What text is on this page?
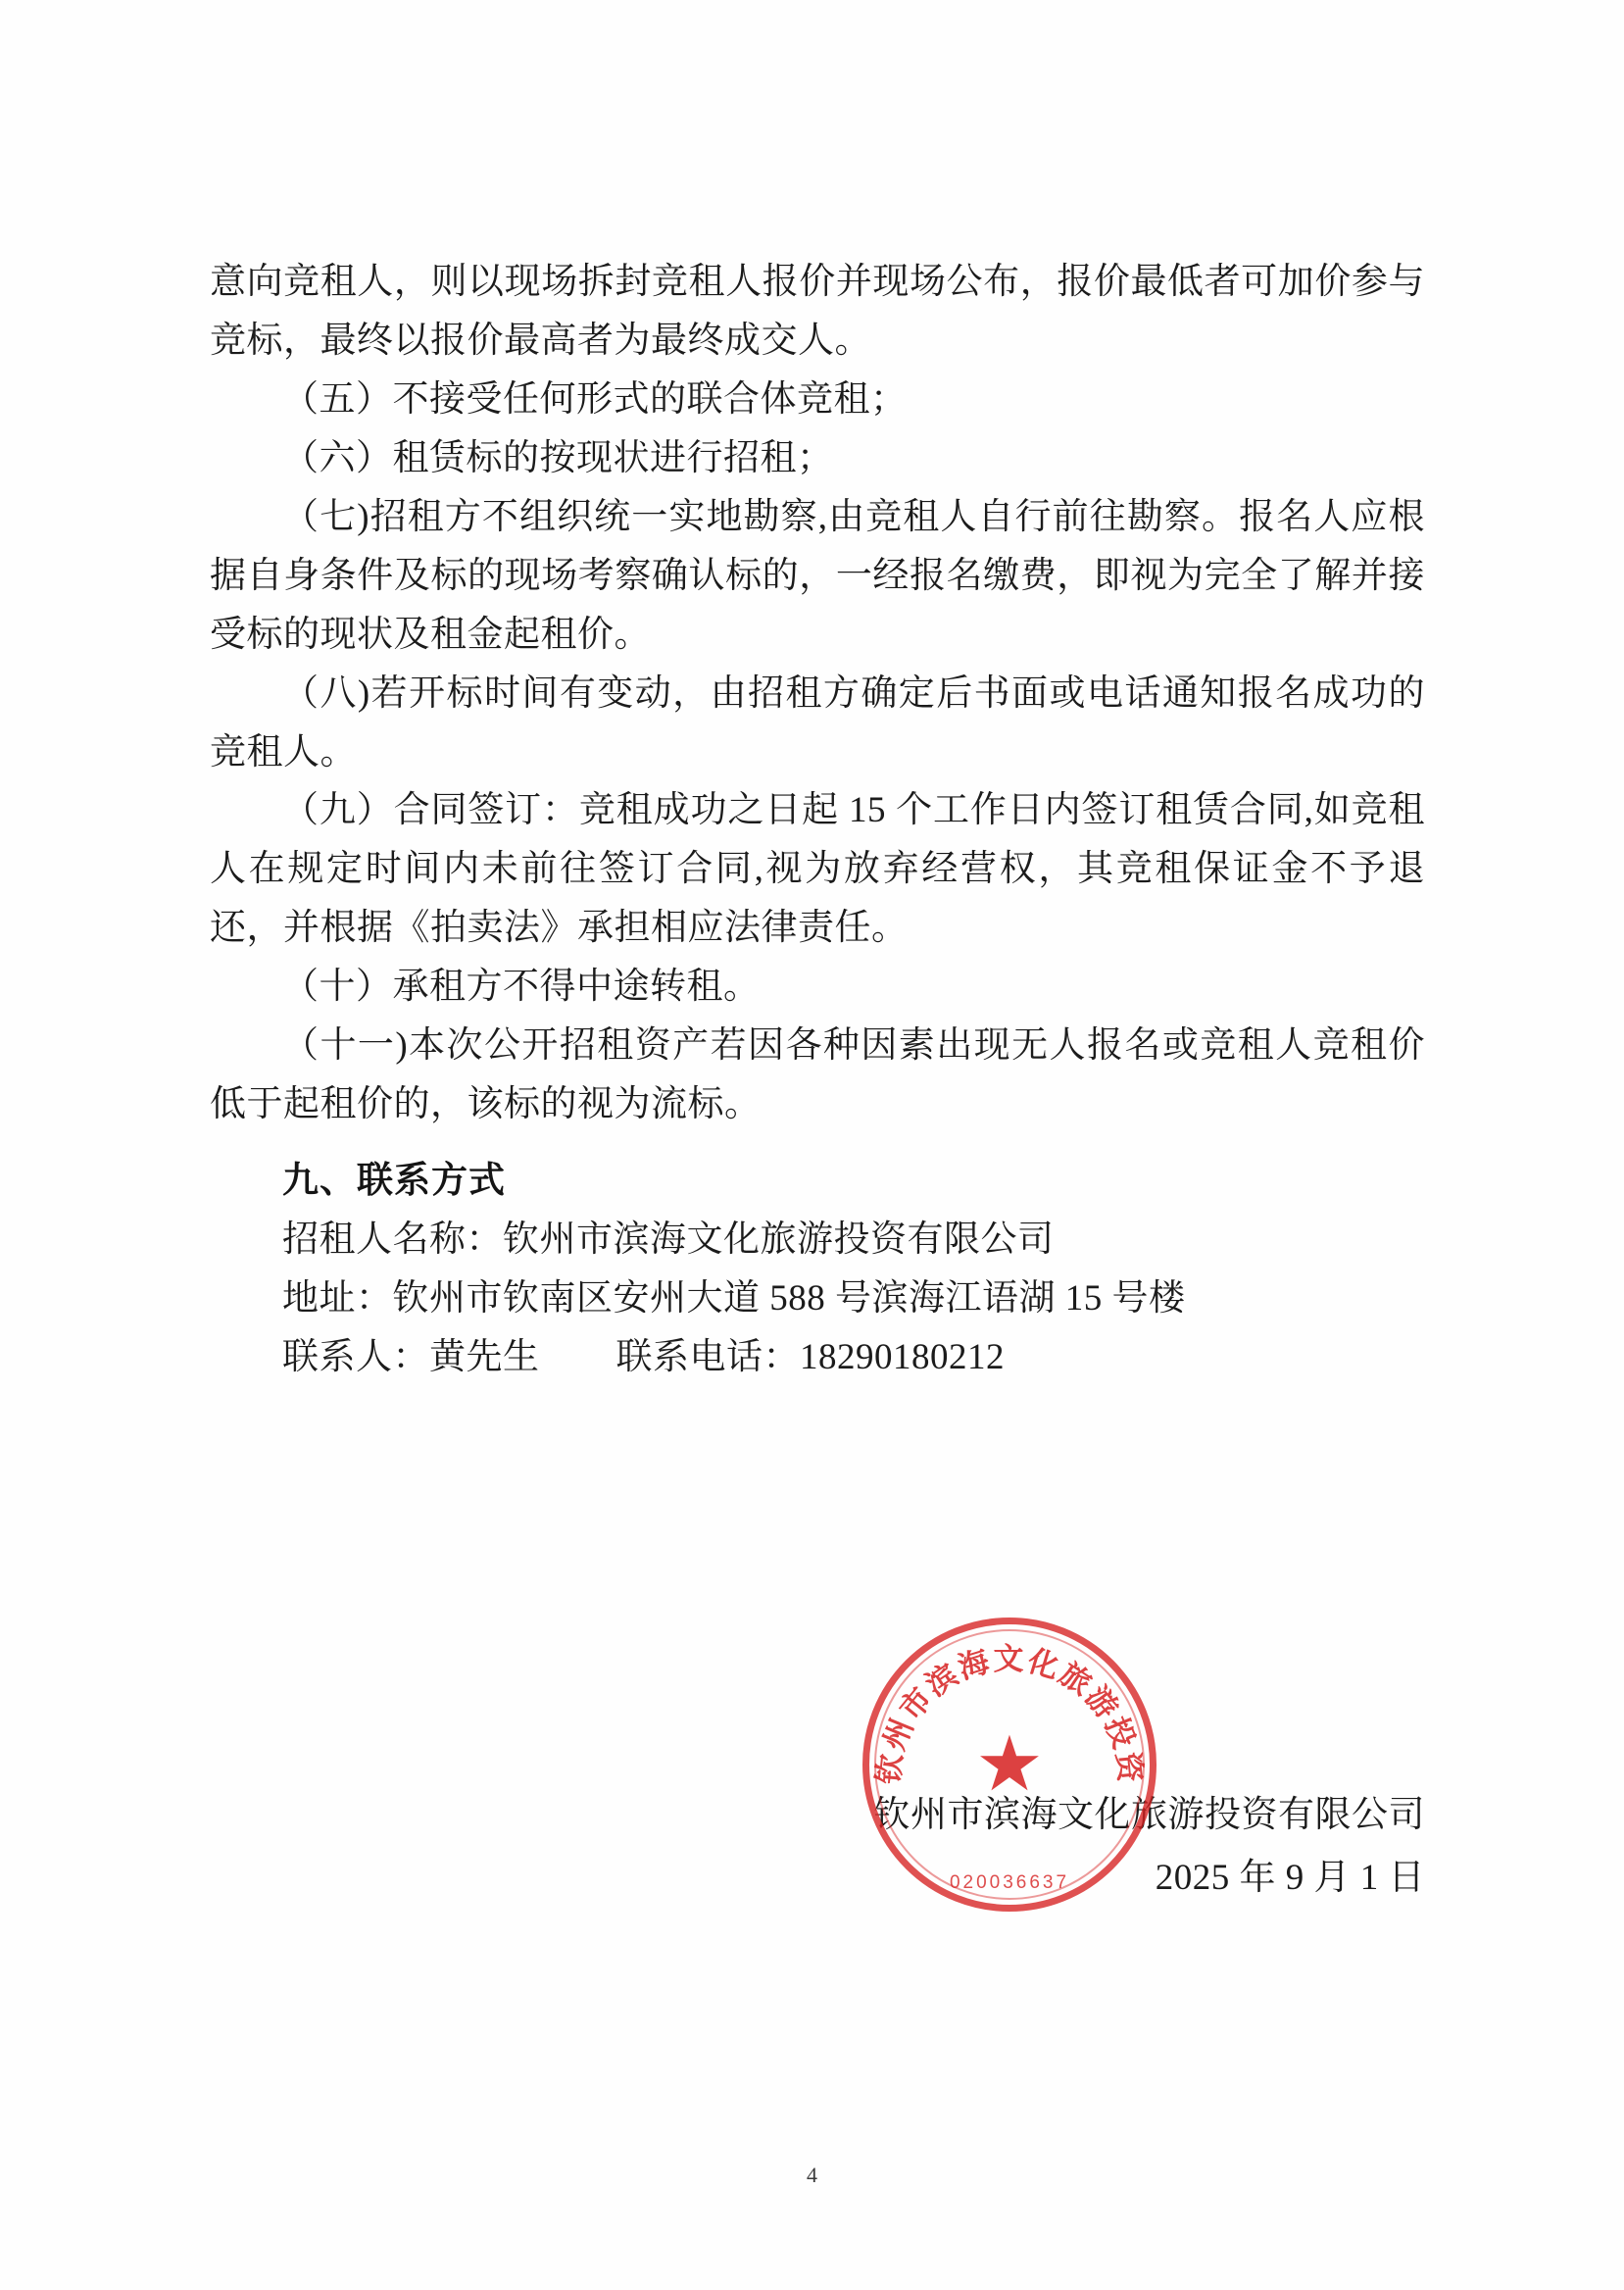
意向竞租人，则以现场拆封竞租人报价并现场公布，报价最低者可加价参与竞标，最终以报价最高者为最终成交人。

（五）不接受任何形式的联合体竞租；

（六）租赁标的按现状进行招租；

（七)招租方不组织统一实地勘察,由竞租人自行前往勘察。报名人应根据自身条件及标的现场考察确认标的，一经报名缴费，即视为完全了解并接受标的现状及租金起租价。

（八)若开标时间有变动，由招租方确定后书面或电话通知报名成功的竞租人。

（九）合同签订：竞租成功之日起 15 个工作日内签订租赁合同,如竞租人在规定时间内未前往签订合同,视为放弃经营权，其竞租保证金不予退还，并根据《拍卖法》承担相应法律责任。

（十）承租方不得中途转租。

（十一)本次公开招租资产若因各种因素出现无人报名或竞租人竞租价低于起租价的，该标的视为流标。

九、联系方式
招租人名称：钦州市滨海文化旅游投资有限公司
地址：钦州市钦南区安州大道 588 号滨海江语湖 15 号楼
联系人：黄先生 联系电话：18290180212
钦州市滨海文化旅游投资有限公司
2025 年 9 月 1 日
钦州市滨海文化旅游投资
★
020036637
4
